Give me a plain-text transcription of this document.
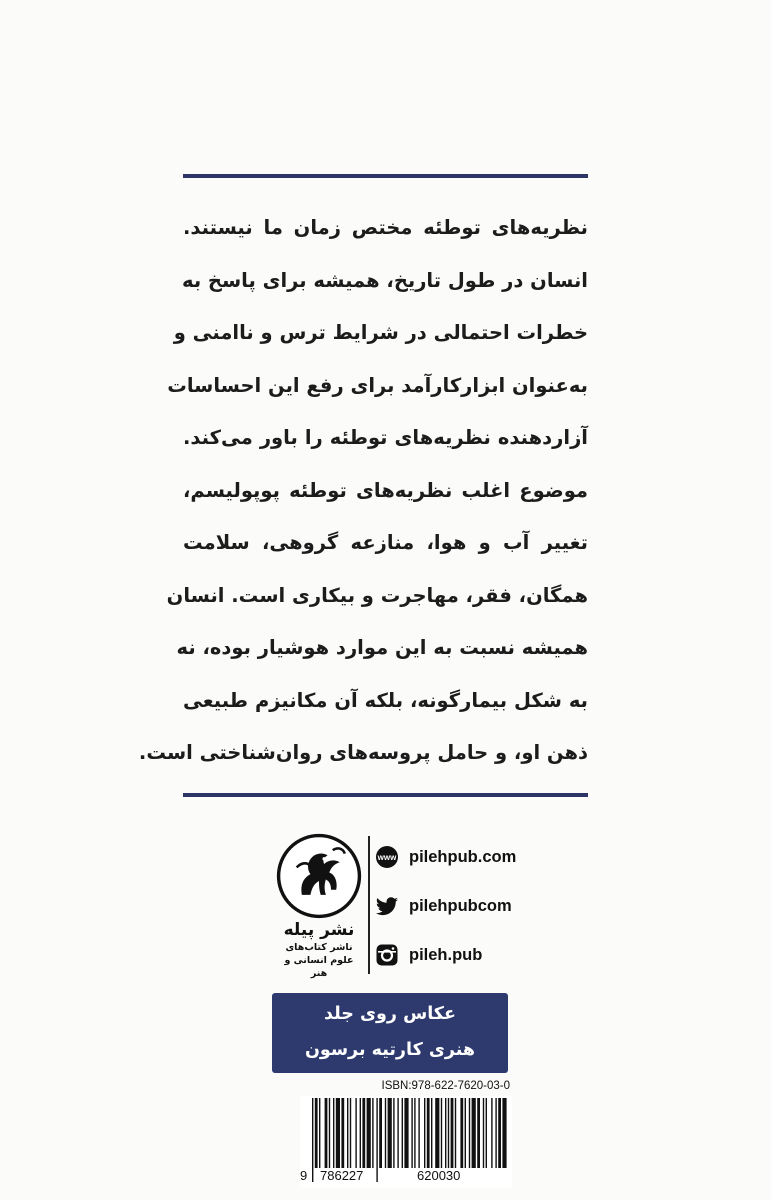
نظریه‌های توطئه مختص زمان ما نیستند.
انسان در طول تاریخ، همیشه برای پاسخ به
خطرات احتمالی در شرایط ترس و ناامنی و
به‌عنوان ابزارکارآمد برای رفع این احساسات
آزاردهنده نظریه‌های توطئه را باور می‌کند.
موضوع اغلب نظریه‌های توطئه پوپولیسم،
تغییر آب و هوا، منازعه گروهی، سلامت
همگان، فقر، مهاجرت و بیکاری است. انسان
همیشه نسبت به این موارد هوشیار بوده، نه
به شکل بیمارگونه، بلکه آن مکانیزم طبیعی
ذهن او، و حامل پروسه‌های روان‌شناختی است.
نشر پیله
ناشر کتاب‌های
علوم انسانی و هنر
www pilehpub.com
pilehpubcom
pileh.pub
عکاس روی جلد
هنری کارتیه برسون
ISBN:978-622-7620-03-0
9 786227	620030
